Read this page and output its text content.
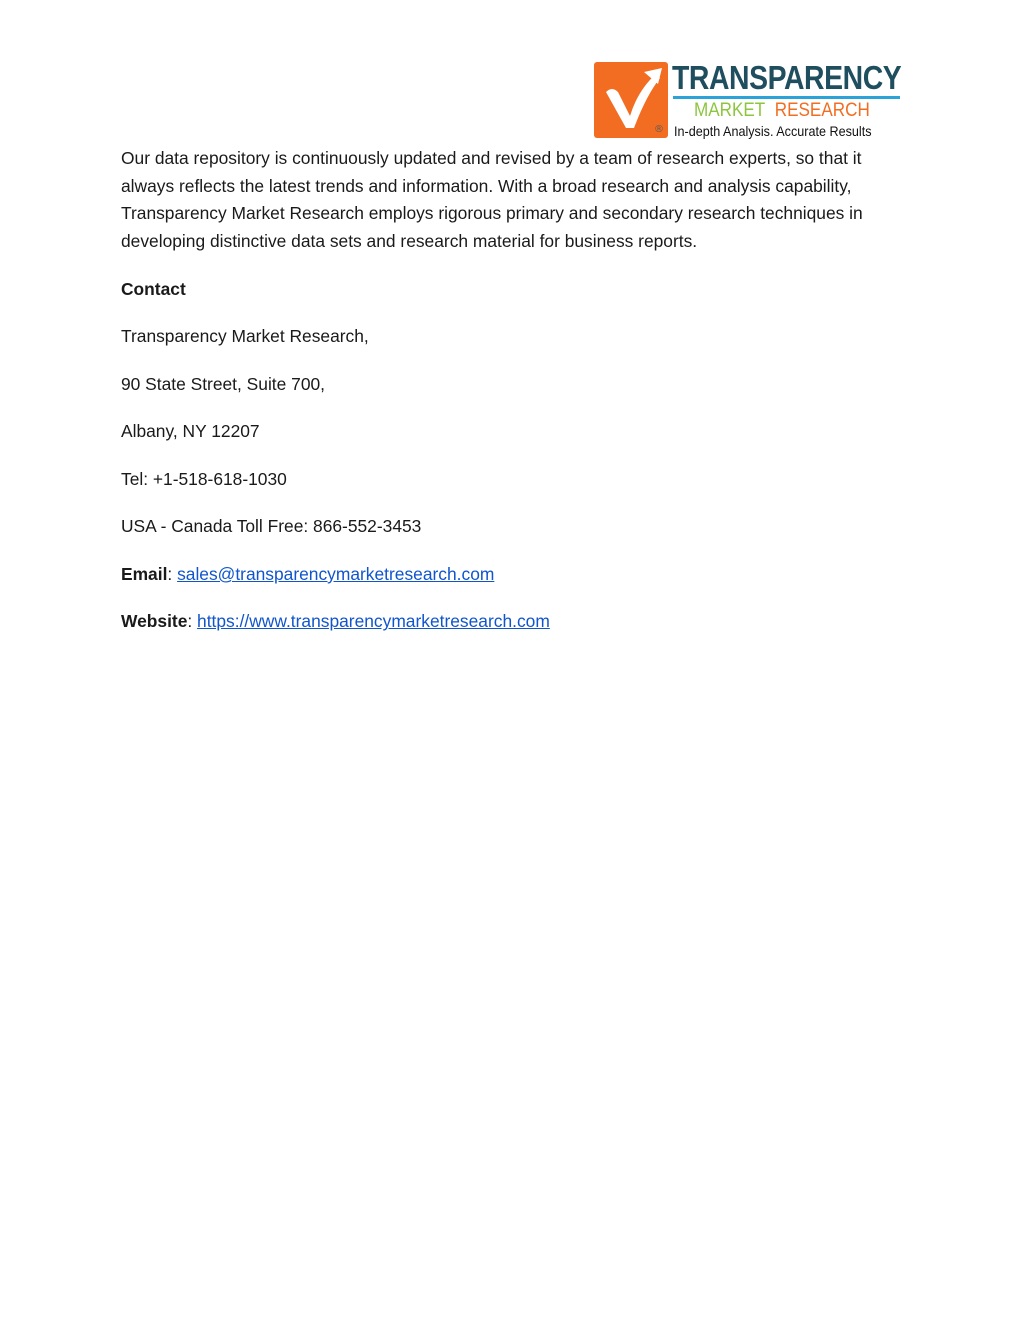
®
TRANSPARENCY
MARKET RESEARCH
In-depth Analysis. Accurate Results

Our data repository is continuously updated and revised by a team of research experts, so that it always reflects the latest trends and information. With a broad research and analysis capability, Transparency Market Research employs rigorous primary and secondary research techniques in developing distinctive data sets and research material for business reports.

Contact

Transparency Market Research,

90 State Street, Suite 700,

Albany, NY 12207

Tel: +1-518-618-1030

USA - Canada Toll Free: 866-552-3453

Email: sales@transparencymarketresearch.com

Website: https://www.transparencymarketresearch.com
